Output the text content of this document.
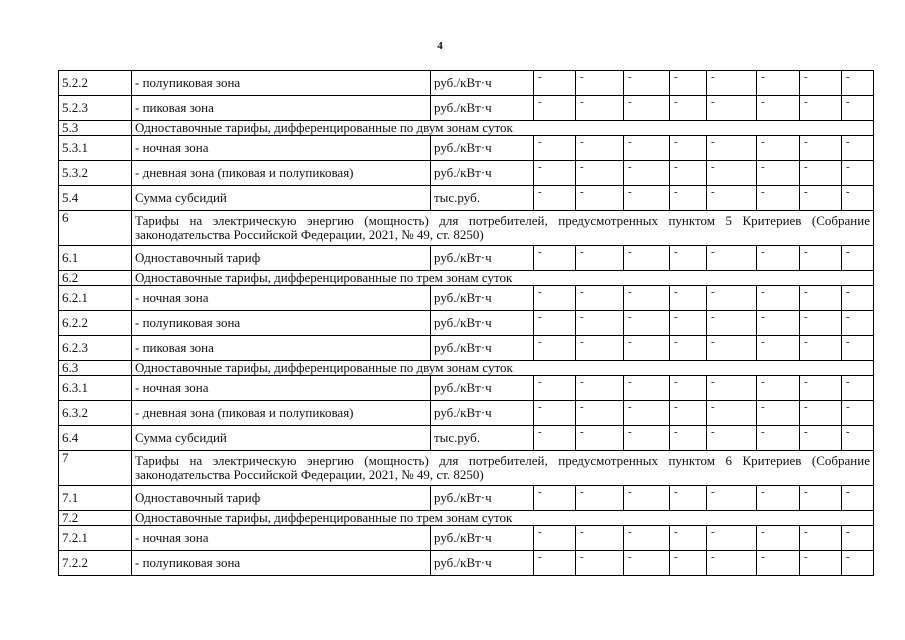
4
5.2.2	- полупиковая зона	руб./кВт·ч	-	-	-	-	-	-	-	-
5.2.3	- пиковая зона	руб./кВт·ч	-	-	-	-	-	-	-	-
5.3	Одноставочные тарифы, дифференцированные по двум зонам суток									
5.3.1	- ночная зона	руб./кВт·ч	-	-	-	-	-	-	-	-
5.3.2	- дневная зона (пиковая и полупиковая)	руб./кВт·ч	-	-	-	-	-	-	-	-
5.4	Сумма субсидий	тыс.руб.	-	-	-	-	-	-	-	-
6	Тарифы на электрическую энергию (мощность) для потребителей, предусмотренных пунктом 5 Критериев (Собрание законодательства Российской Федерации, 2021, № 49, ст. 8250)									
6.1	Одноставочный тариф	руб./кВт·ч	-	-	-	-	-	-	-	-
6.2	Одноставочные тарифы, дифференцированные по трем зонам суток									
6.2.1	- ночная зона	руб./кВт·ч	-	-	-	-	-	-	-	-
6.2.2	- полупиковая зона	руб./кВт·ч	-	-	-	-	-	-	-	-
6.2.3	- пиковая зона	руб./кВт·ч	-	-	-	-	-	-	-	-
6.3	Одноставочные тарифы, дифференцированные по двум зонам суток									
6.3.1	- ночная зона	руб./кВт·ч	-	-	-	-	-	-	-	-
6.3.2	- дневная зона (пиковая и полупиковая)	руб./кВт·ч	-	-	-	-	-	-	-	-
6.4	Сумма субсидий	тыс.руб.	-	-	-	-	-	-	-	-
7	Тарифы на электрическую энергию (мощность) для потребителей, предусмотренных пунктом 6 Критериев (Собрание законодательства Российской Федерации, 2021, № 49, ст. 8250)									
7.1	Одноставочный тариф	руб./кВт·ч	-	-	-	-	-	-	-	-
7.2	Одноставочные тарифы, дифференцированные по трем зонам суток									
7.2.1	- ночная зона	руб./кВт·ч	-	-	-	-	-	-	-	-
7.2.2	- полупиковая зона	руб./кВт·ч	-	-	-	-	-	-	-	-
